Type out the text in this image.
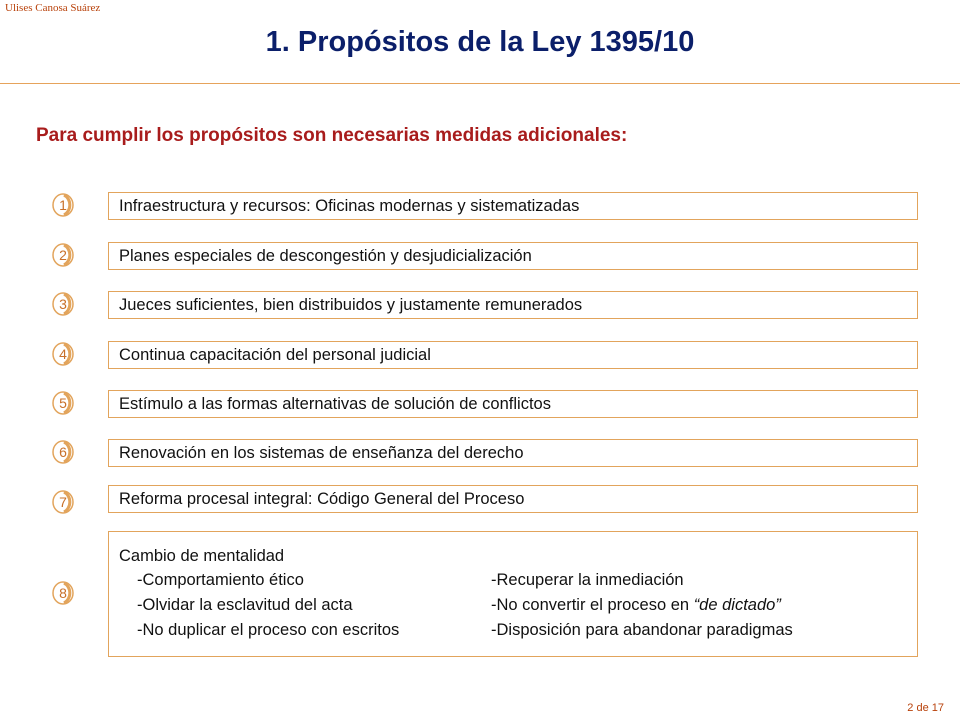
Ulises Canosa Suárez
1. Propósitos de la Ley 1395/10
Para cumplir los propósitos son necesarias medidas adicionales:
1	Infraestructura y recursos: Oficinas modernas y sistematizadas
2	Planes especiales de descongestión y desjudicialización
3	Jueces suficientes, bien distribuidos y justamente remunerados
4	Continua capacitación del personal judicial
5	Estímulo a las formas alternativas de solución de conflictos
6	Renovación en los sistemas de enseñanza del derecho
7	Reforma procesal integral: Código General del Proceso
8
Cambio de mentalidad
-Comportamiento ético
-Olvidar la esclavitud del acta
-No duplicar el proceso con escritos
-Recuperar la inmediación
-No convertir el proceso en “de dictado”
-Disposición para abandonar paradigmas
2 de 17
